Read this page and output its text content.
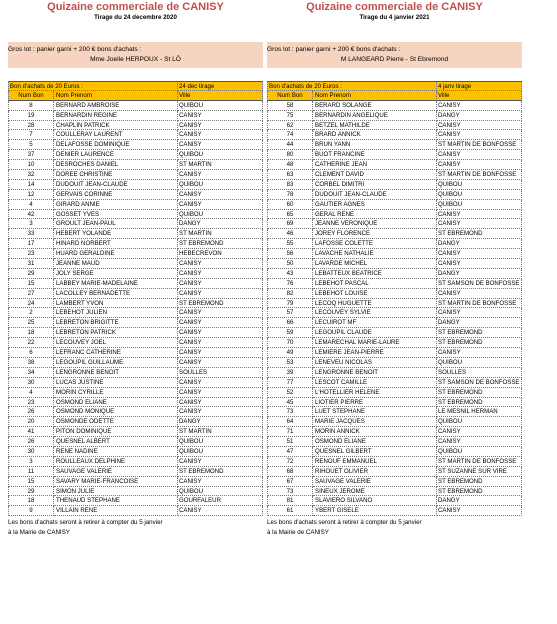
Quizaine commerciale de CANISY
Tirage du 24 decembre 2020
Gros lot : panier garni + 200 € bons d'achats :
Mme Joelle HERPOUX - St LÔ
Bon d'achats de 20 Euros :	24 dec tirage
Num Bon	Nom Prenom	Ville
8	BERNARD AMBROISE	QUIBOU
19	BERNARDIN REGINE	CANISY
28	CHAPLIN PATRICK	CANISY
7	COULLERAY LAURENT	CANISY
5	DELAFOSSE DOMINIQUE	CANISY
37	DENIER LAURENCE	QUIBOU
10	DESROCHES DANIEL	ST MARTIN
32	DOREE CHRISTINE	CANISY
14	DUDOUIT JEAN-CLAUDE	QUIBOU
12	GERVAIS CORINNE	CANISY
4	GIRARD ANNIE	CANISY
42	GOSSET YVES	QUIBOU
3	GROULT JEAN-PAUL	DANGY
33	HEBERT YOLANDE	ST MARTIN
17	HINARD NORBERT	ST EBREMOND
23	HUARD GERALDINE	HEBECREVON
31	JEANNE MAUD	CANISY
29	JOLY SERGE	CANISY
15	LABBEY MARIE-MADELAINE	CANISY
27	LACOLLEY BERNADETTE	CANISY
24	LAMBERT YVON	ST EBREMOND
2	LEBEHOT JULIEN	CANISY
25	LEBRETON BRIGITTE	CANISY
18	LEBRETON PATRICK	CANISY
22	LECOUVEY JOEL	CANISY
6	LEFRANC CATHERINE	CANISY
38	LEGOUPIL GUILLAUME	CANISY
34	LENGRONNE BENOIT	SOULLES
30	LUCAS JUSTINE	CANISY
4	MORIN CYRILLE	CANISY
23	OSMOND ELIANE	CANISY
26	OSMOND MONIQUE	CANISY
20	OSMONDE ODETTE	DANGY
41	PITON DOMINIQUE	ST MARTIN
26	QUESNEL ALBERT	QUIBOU
30	RENE NADINE	QUIBOU
3	ROULLEAUX DELPHINE	CANISY
11	SAUVAGE VALERIE	ST EBREMOND
15	SAVARY MARIE-FRANCOISE	CANISY
29	SIMON JULIE	QUIBOU
18	THENAUD STEPHANE	GOURFALEUR
9	VILLAIN RENE	CANISY
Les bons d'achats seront à retirer à compter du 5 janvier
à la Mairie de CANISY
Quizaine commerciale de CANISY
Tirage du 4 janvier 2021
Gros lot : panier garni + 200 € bons d'achats :
M LANGEARD Pierre - St Ebremond
Bon d'achats de 20 Euros :	4 janv tirage
Num Bon	Nom Prenom	Ville
58	BERARD SOLANGE	CANISY
75	BERNARDIN ANGELIQUE	DANGY
62	BETZEL MATHILDE	CANISY
74	BRARD ANNICK	CANISY
44	BRUN YANN	ST MARTIN DE BONFOSSE
80	BUOT FRANCINE	CANISY
48	CATHERINE JEAN	CANISY
63	CLEMENT DAVID	ST MARTIN DE BONFOSSE
83	CORBEL DIMITRI	QUIBOU
78	DUDOUIT JEAN-CLAUDE	QUIBOU
60	GAUTIER AGNES	QUIBOU
65	GERAL RENE	CANISY
69	JEANNE VERONIQUE	CANISY
46	JOREY FLORENCE	ST EBREMOND
55	LAFOSSE COLETTE	DANGY
56	LAVACHE NATHALIE	CANISY
50	LAVARDE MICHEL	CANISY
43	LEBATTEUX BEATRICE	DANGY
76	LEBEHOT PASCAL	ST SAMSON DE BONFOSSE
82	LEBEHOT LOUISE	CANISY
79	LECOQ HUGUETTE	ST MARTIN DE BONFOSSE
57	LECOUVEY SYLVIE	CANISY
66	LECUIROT MF	DANGY
59	LEGOUPIL CLAUDE	ST EBREMOND
70	LEMARECHAL MARIE-LAURE	ST EBREMOND
49	LEMIERE JEAN-PIERRE	CANISY
53	LENEVEU NICOLAS	QUIBOU
39	LENGRONNE BENOIT	SOULLES
77	LESCOT CAMILLE	ST SAMSON DE BONFOSSE
52	L'HOTELLIER HELENE	ST EBREMOND
45	LIOTIER PIERRE	ST EBREMOND
73	LUET STEPHANE	LE MESNIL HERMAN
64	MARIE JACQUES	QUIBOU
71	MORIN ANNICK	CANISY
51	OSMOND ELIANE	CANISY
47	QUESNEL GILBERT	QUIBOU
72	RENOUF EMMANUEL	ST MARTIN DE BONFOSSE
68	RIHOUET OLIVIER	ST SUZANNE SUR VIRE
67	SAUVAGE VALERIE	ST EBREMOND
73	SINEUX JEROME	ST EBREMOND
81	SLAVIERO SILVANO	DANGY
61	YBERT GISELE	CANISY
Les bons d'achats seront à retirer à compter du 5 janvier
à la Mairie de CANISY
